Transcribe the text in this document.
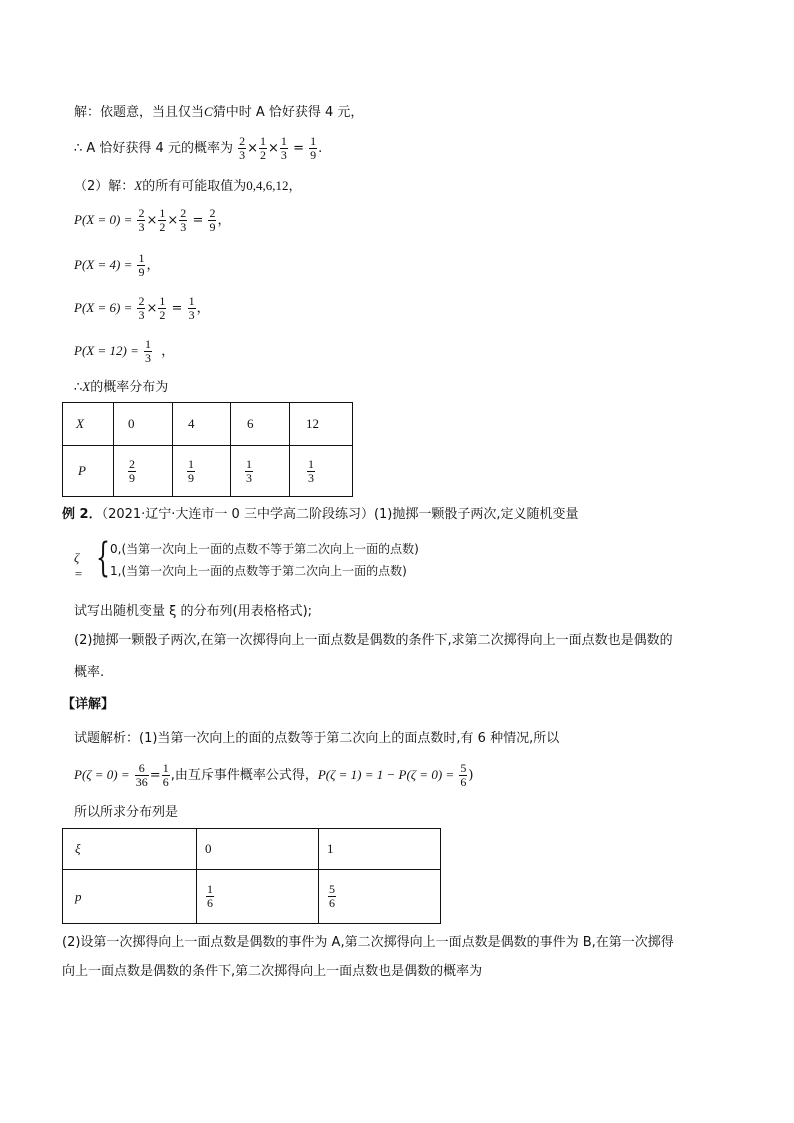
解：依题意，当且仅当C猜中时 A 恰好获得 4 元，
∴ A 恰好获得 4 元的概率为 $\frac{2}{3} \times \frac{1}{2} \times \frac{1}{3} = \frac{1}{9}$ .
（2）解：X的所有可能取值为0,4,6,12，
$P(X = 0) = \frac{2}{3} \times \frac{1}{2} \times \frac{2}{3} = \frac{2}{9}$ ，
$P(X = 4) = \frac{1}{9}$ ，
$P(X = 6) = \frac{2}{3} \times \frac{1}{2} = \frac{1}{3}$ ，
$P(X = 12) = \frac{1}{3}$ ，
∴X的概率分布为
X	0	4	6	12
P	$\frac{2}{9}$	$\frac{1}{9}$	$\frac{1}{3}$	$\frac{1}{3}$
例 2．（2021·辽宁·大连市一 0 三中学高二阶段练习）(1)抛掷一颗骰子两次,定义随机变量
ζ = { 0,(当第一次向上一面的点数不等于第二次向上一面的点数)
1,(当第一次向上一面的点数等于第二次向上一面的点数)
试写出随机变量 ξ 的分布列(用表格格式);
(2)抛掷一颗骰子两次,在第一次掷得向上一面点数是偶数的条件下,求第二次掷得向上一面点数也是偶数的
概率.
【详解】
试题解析：(1)当第一次向上的面的点数等于第二次向上的面点数时,有 6 种情况,所以
$P(\zeta = 0) = \frac{6}{36} = \frac{1}{6}$ ,由互斥事件概率公式得，$P(\zeta = 1) = 1 - P(\zeta = 0) = \frac{5}{6}$ )
所以所求分布列是
ξ	0	1
p	$\frac{1}{6}$	$\frac{5}{6}$
(2)设第一次掷得向上一面点数是偶数的事件为 A,第二次掷得向上一面点数是偶数的事件为 B,在第一次掷得
向上一面点数是偶数的条件下,第二次掷得向上一面点数也是偶数的概率为
